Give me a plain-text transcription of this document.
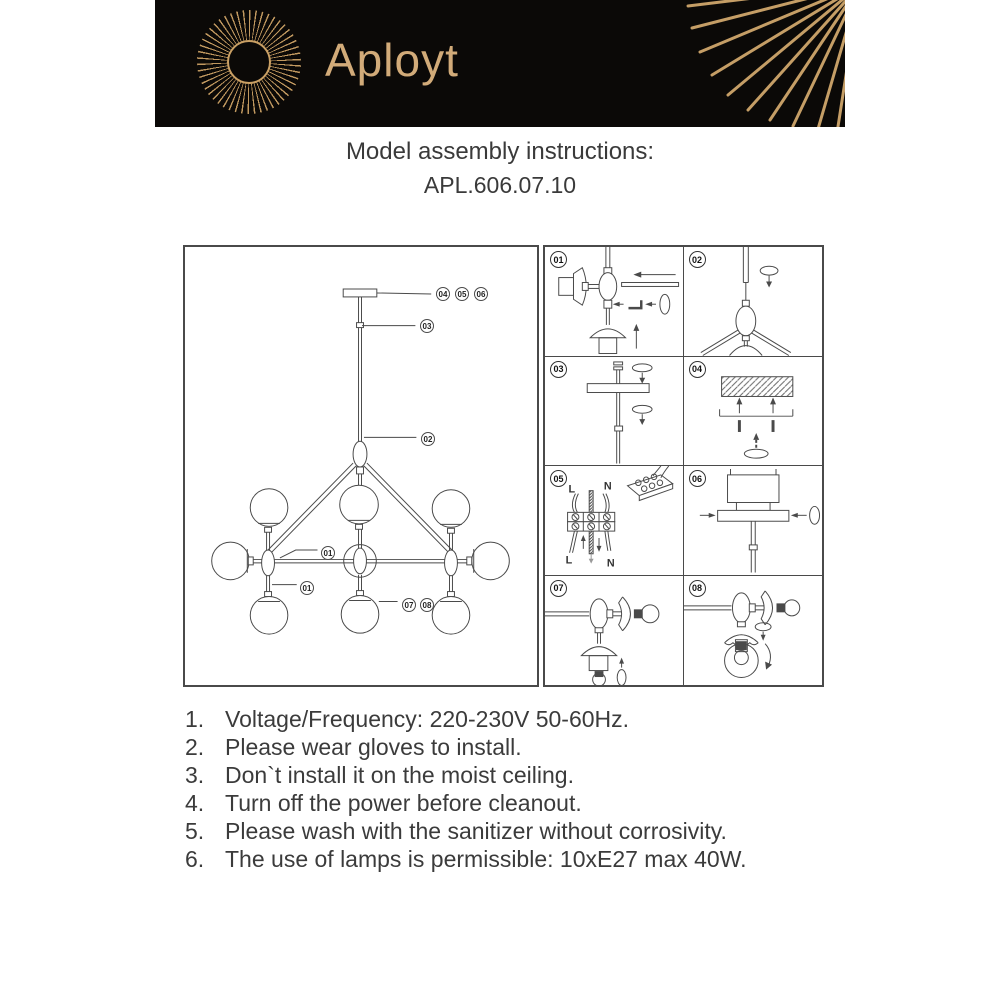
Aployt
Model assembly instructions:
APL.606.07.10
04	05	06
03
02
01
01
07	08
01	02
03	04
05
L	N
L	N
06
07	08
1. Voltage/Frequency: 220-230V 50-60Hz.
2. Please wear gloves to install.
3. Don`t install it on the moist ceiling.
4. Turn off the power before cleanout.
5. Please wash with the sanitizer without corrosivity.
6. The use of lamps is permissible: 10xE27 max 40W.
